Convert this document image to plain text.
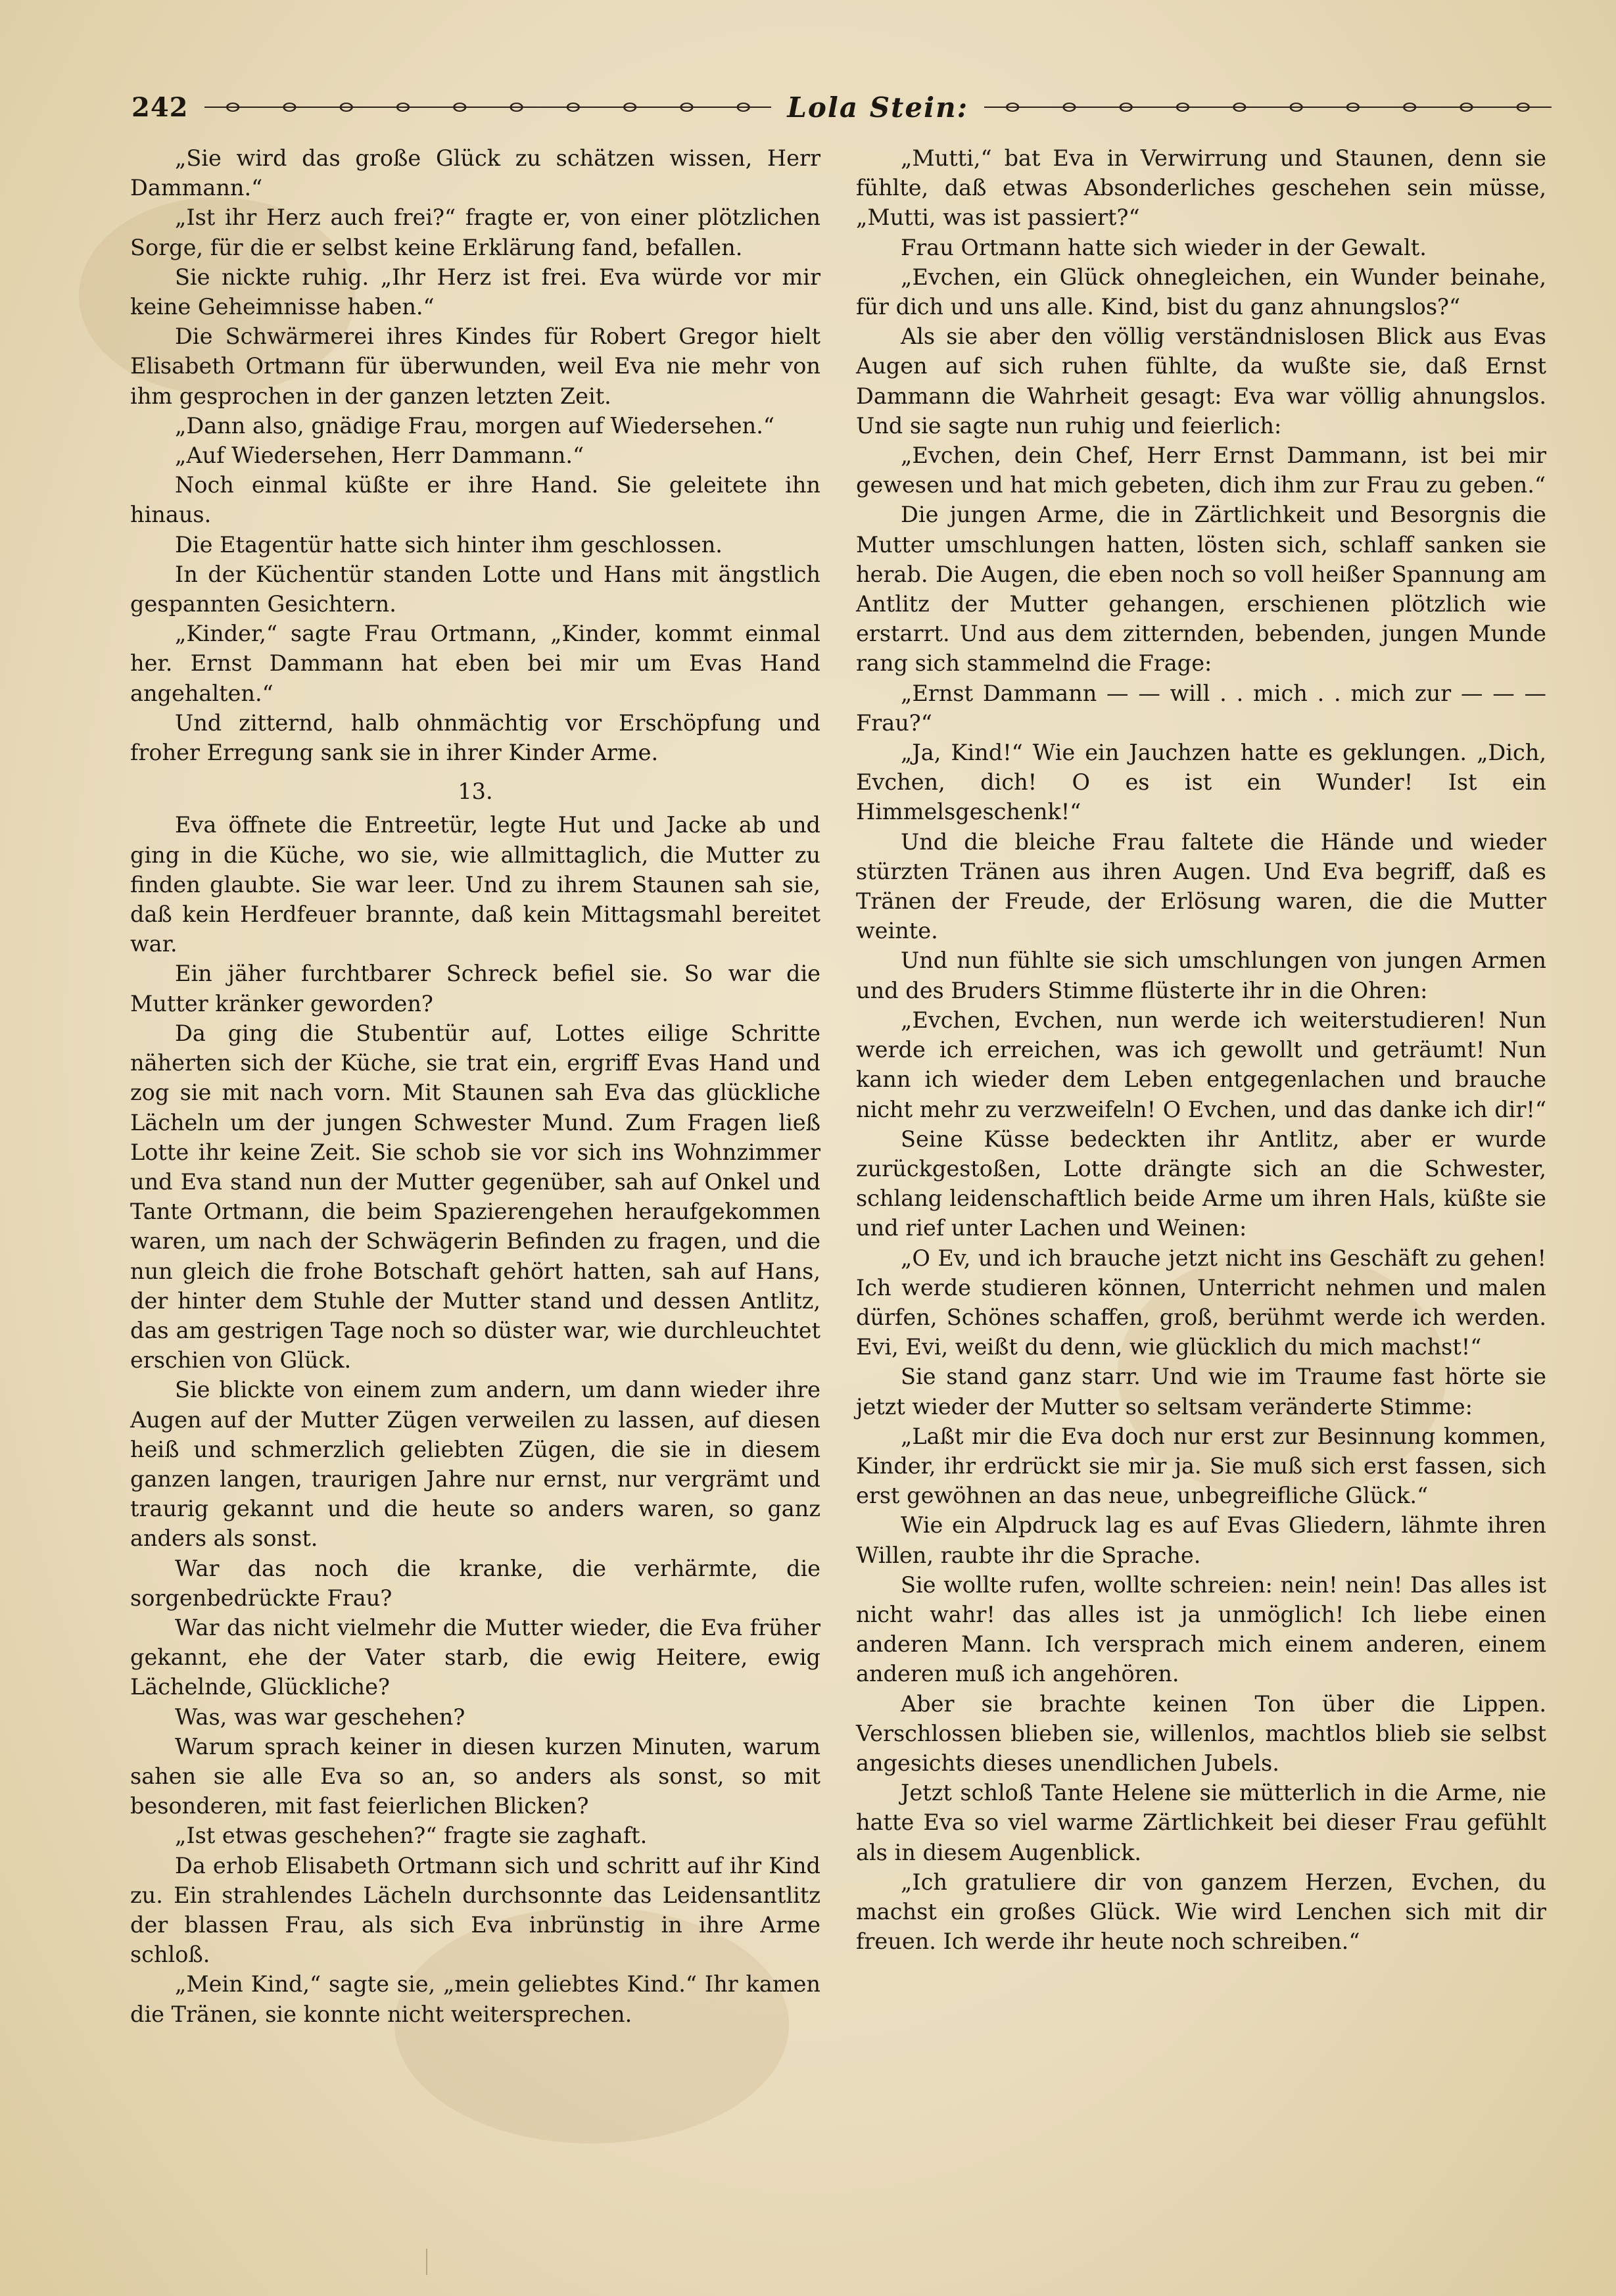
242	Lola Stein:

„Sie wird das große Glück zu schätzen wissen, Herr Dammann.“

„Ist ihr Herz auch frei?“ fragte er, von einer plötzlichen Sorge, für die er selbst keine Erklärung fand, befallen.

Sie nickte ruhig. „Ihr Herz ist frei. Eva würde vor mir keine Geheimnisse haben.“

Die Schwärmerei ihres Kindes für Robert Gregor hielt Elisabeth Ortmann für überwunden, weil Eva nie mehr von ihm gesprochen in der ganzen letzten Zeit.

„Dann also, gnädige Frau, morgen auf Wiedersehen.“

„Auf Wiedersehen, Herr Dammann.“

Noch einmal küßte er ihre Hand. Sie geleitete ihn hinaus.

Die Etagentür hatte sich hinter ihm geschlossen.

In der Küchentür standen Lotte und Hans mit ängstlich gespannten Gesichtern.

„Kinder,“ sagte Frau Ortmann, „Kinder, kommt einmal her. Ernst Dammann hat eben bei mir um Evas Hand angehalten.“

Und zitternd, halb ohnmächtig vor Erschöpfung und froher Erregung sank sie in ihrer Kinder Arme.

13.

Eva öffnete die Entreetür, legte Hut und Jacke ab und ging in die Küche, wo sie, wie allmittaglich, die Mutter zu finden glaubte. Sie war leer. Und zu ihrem Staunen sah sie, daß kein Herdfeuer brannte, daß kein Mittagsmahl bereitet war.

Ein jäher furchtbarer Schreck befiel sie. So war die Mutter kränker geworden?

Da ging die Stubentür auf, Lottes eilige Schritte näherten sich der Küche, sie trat ein, ergriff Evas Hand und zog sie mit nach vorn. Mit Staunen sah Eva das glückliche Lächeln um der jungen Schwester Mund. Zum Fragen ließ Lotte ihr keine Zeit. Sie schob sie vor sich ins Wohnzimmer und Eva stand nun der Mutter gegenüber, sah auf Onkel und Tante Ortmann, die beim Spazierengehen heraufgekommen waren, um nach der Schwägerin Befinden zu fragen, und die nun gleich die frohe Botschaft gehört hatten, sah auf Hans, der hinter dem Stuhle der Mutter stand und dessen Antlitz, das am gestrigen Tage noch so düster war, wie durchleuchtet erschien von Glück.

Sie blickte von einem zum andern, um dann wieder ihre Augen auf der Mutter Zügen verweilen zu lassen, auf diesen heiß und schmerzlich geliebten Zügen, die sie in diesem ganzen langen, traurigen Jahre nur ernst, nur vergrämt und traurig gekannt und die heute so anders waren, so ganz anders als sonst.

War das noch die kranke, die verhärmte, die sorgenbedrückte Frau?

War das nicht vielmehr die Mutter wieder, die Eva früher gekannt, ehe der Vater starb, die ewig Heitere, ewig Lächelnde, Glückliche?

Was, was war geschehen?

Warum sprach keiner in diesen kurzen Minuten, warum sahen sie alle Eva so an, so anders als sonst, so mit besonderen, mit fast feierlichen Blicken?

„Ist etwas geschehen?“ fragte sie zaghaft.

Da erhob Elisabeth Ortmann sich und schritt auf ihr Kind zu. Ein strahlendes Lächeln durchsonnte das Leidensantlitz der blassen Frau, als sich Eva inbrünstig in ihre Arme schloß.

„Mein Kind,“ sagte sie, „mein geliebtes Kind.“ Ihr kamen die Tränen, sie konnte nicht weitersprechen.

„Mutti,“ bat Eva in Verwirrung und Staunen, denn sie fühlte, daß etwas Absonderliches geschehen sein müsse, „Mutti, was ist passiert?“

Frau Ortmann hatte sich wieder in der Gewalt.

„Evchen, ein Glück ohnegleichen, ein Wunder beinahe, für dich und uns alle. Kind, bist du ganz ahnungslos?“

Als sie aber den völlig verständnislosen Blick aus Evas Augen auf sich ruhen fühlte, da wußte sie, daß Ernst Dammann die Wahrheit gesagt: Eva war völlig ahnungslos. Und sie sagte nun ruhig und feierlich:

„Evchen, dein Chef, Herr Ernst Dammann, ist bei mir gewesen und hat mich gebeten, dich ihm zur Frau zu geben.“

Die jungen Arme, die in Zärtlichkeit und Besorgnis die Mutter umschlungen hatten, lösten sich, schlaff sanken sie herab. Die Augen, die eben noch so voll heißer Spannung am Antlitz der Mutter gehangen, erschienen plötzlich wie erstarrt. Und aus dem zitternden, bebenden, jungen Munde rang sich stammelnd die Frage:

„Ernst Dammann — — will . . mich . . mich zur — — — Frau?“

„Ja, Kind!“ Wie ein Jauchzen hatte es geklungen. „Dich, Evchen, dich! O es ist ein Wunder! Ist ein Himmelsgeschenk!“

Und die bleiche Frau faltete die Hände und wieder stürzten Tränen aus ihren Augen. Und Eva begriff, daß es Tränen der Freude, der Erlösung waren, die die Mutter weinte.

Und nun fühlte sie sich umschlungen von jungen Armen und des Bruders Stimme flüsterte ihr in die Ohren:

„Evchen, Evchen, nun werde ich weiterstudieren! Nun werde ich erreichen, was ich gewollt und geträumt! Nun kann ich wieder dem Leben entgegenlachen und brauche nicht mehr zu verzweifeln! O Evchen, und das danke ich dir!“

Seine Küsse bedeckten ihr Antlitz, aber er wurde zurückgestoßen, Lotte drängte sich an die Schwester, schlang leidenschaftlich beide Arme um ihren Hals, küßte sie und rief unter Lachen und Weinen:

„O Ev, und ich brauche jetzt nicht ins Geschäft zu gehen! Ich werde studieren können, Unterricht nehmen und malen dürfen, Schönes schaffen, groß, berühmt werde ich werden. Evi, Evi, weißt du denn, wie glücklich du mich machst!“

Sie stand ganz starr. Und wie im Traume fast hörte sie jetzt wieder der Mutter so seltsam veränderte Stimme:

„Laßt mir die Eva doch nur erst zur Besinnung kommen, Kinder, ihr erdrückt sie mir ja. Sie muß sich erst fassen, sich erst gewöhnen an das neue, unbegreifliche Glück.“

Wie ein Alpdruck lag es auf Evas Gliedern, lähmte ihren Willen, raubte ihr die Sprache.

Sie wollte rufen, wollte schreien: nein! nein! Das alles ist nicht wahr! das alles ist ja unmöglich! Ich liebe einen anderen Mann. Ich versprach mich einem anderen, einem anderen muß ich angehören.

Aber sie brachte keinen Ton über die Lippen. Verschlossen blieben sie, willenlos, machtlos blieb sie selbst angesichts dieses unendlichen Jubels.

Jetzt schloß Tante Helene sie mütterlich in die Arme, nie hatte Eva so viel warme Zärtlichkeit bei dieser Frau gefühlt als in diesem Augenblick.

„Ich gratuliere dir von ganzem Herzen, Evchen, du machst ein großes Glück. Wie wird Lenchen sich mit dir freuen. Ich werde ihr heute noch schreiben.“
